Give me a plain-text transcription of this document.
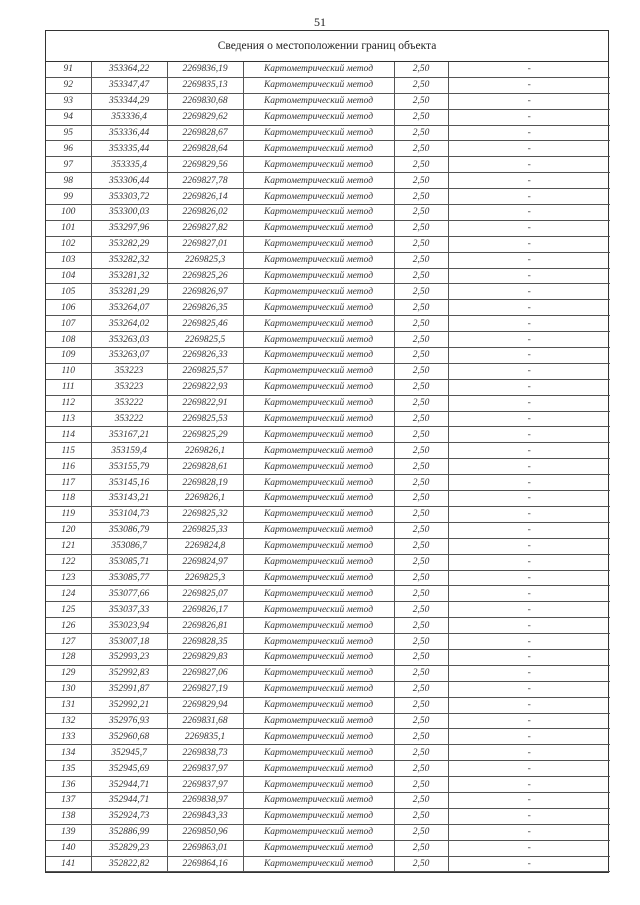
51
Сведения о местоположении границ объекта
91	353364,22	2269836,19	Картометрический метод	2,50	-
92	353347,47	2269835,13	Картометрический метод	2,50	-
93	353344,29	2269830,68	Картометрический метод	2,50	-
94	353336,4	2269829,62	Картометрический метод	2,50	-
95	353336,44	2269828,67	Картометрический метод	2,50	-
96	353335,44	2269828,64	Картометрический метод	2,50	-
97	353335,4	2269829,56	Картометрический метод	2,50	-
98	353306,44	2269827,78	Картометрический метод	2,50	-
99	353303,72	2269826,14	Картометрический метод	2,50	-
100	353300,03	2269826,02	Картометрический метод	2,50	-
101	353297,96	2269827,82	Картометрический метод	2,50	-
102	353282,29	2269827,01	Картометрический метод	2,50	-
103	353282,32	2269825,3	Картометрический метод	2,50	-
104	353281,32	2269825,26	Картометрический метод	2,50	-
105	353281,29	2269826,97	Картометрический метод	2,50	-
106	353264,07	2269826,35	Картометрический метод	2,50	-
107	353264,02	2269825,46	Картометрический метод	2,50	-
108	353263,03	2269825,5	Картометрический метод	2,50	-
109	353263,07	2269826,33	Картометрический метод	2,50	-
110	353223	2269825,57	Картометрический метод	2,50	-
111	353223	2269822,93	Картометрический метод	2,50	-
112	353222	2269822,91	Картометрический метод	2,50	-
113	353222	2269825,53	Картометрический метод	2,50	-
114	353167,21	2269825,29	Картометрический метод	2,50	-
115	353159,4	2269826,1	Картометрический метод	2,50	-
116	353155,79	2269828,61	Картометрический метод	2,50	-
117	353145,16	2269828,19	Картометрический метод	2,50	-
118	353143,21	2269826,1	Картометрический метод	2,50	-
119	353104,73	2269825,32	Картометрический метод	2,50	-
120	353086,79	2269825,33	Картометрический метод	2,50	-
121	353086,7	2269824,8	Картометрический метод	2,50	-
122	353085,71	2269824,97	Картометрический метод	2,50	-
123	353085,77	2269825,3	Картометрический метод	2,50	-
124	353077,66	2269825,07	Картометрический метод	2,50	-
125	353037,33	2269826,17	Картометрический метод	2,50	-
126	353023,94	2269826,81	Картометрический метод	2,50	-
127	353007,18	2269828,35	Картометрический метод	2,50	-
128	352993,23	2269829,83	Картометрический метод	2,50	-
129	352992,83	2269827,06	Картометрический метод	2,50	-
130	352991,87	2269827,19	Картометрический метод	2,50	-
131	352992,21	2269829,94	Картометрический метод	2,50	-
132	352976,93	2269831,68	Картометрический метод	2,50	-
133	352960,68	2269835,1	Картометрический метод	2,50	-
134	352945,7	2269838,73	Картометрический метод	2,50	-
135	352945,69	2269837,97	Картометрический метод	2,50	-
136	352944,71	2269837,97	Картометрический метод	2,50	-
137	352944,71	2269838,97	Картометрический метод	2,50	-
138	352924,73	2269843,33	Картометрический метод	2,50	-
139	352886,99	2269850,96	Картометрический метод	2,50	-
140	352829,23	2269863,01	Картометрический метод	2,50	-
141	352822,82	2269864,16	Картометрический метод	2,50	-
